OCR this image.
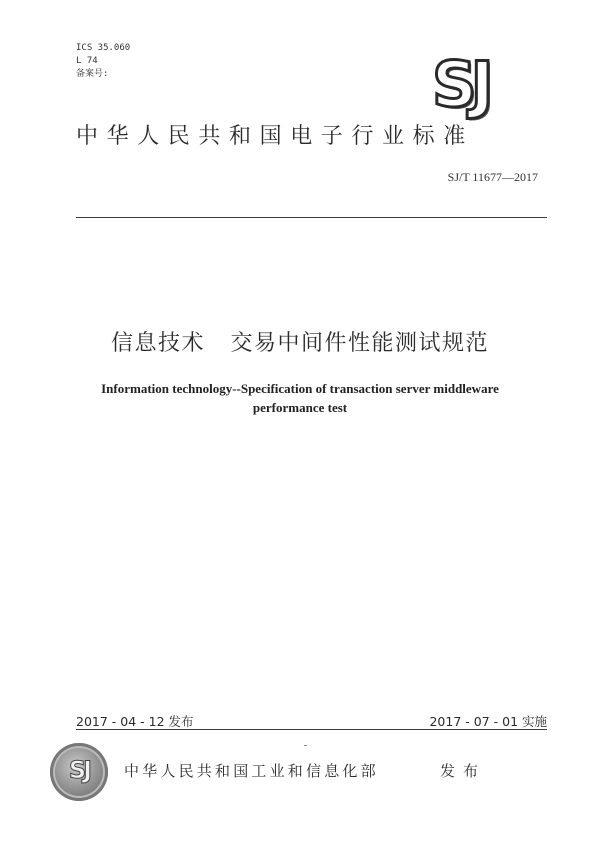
ICS 35.060
L 74
备案号:	SJ
中华人民共和国电子行业标准
SJ/T 11677—2017
信息技术   交易中间件性能测试规范
Information technology--Specification of transaction server middleware
performance test
2017 - 04 - 12 发布	2017 - 07 - 01 实施
SJ	中华人民共和国工业和信息化部	发布
